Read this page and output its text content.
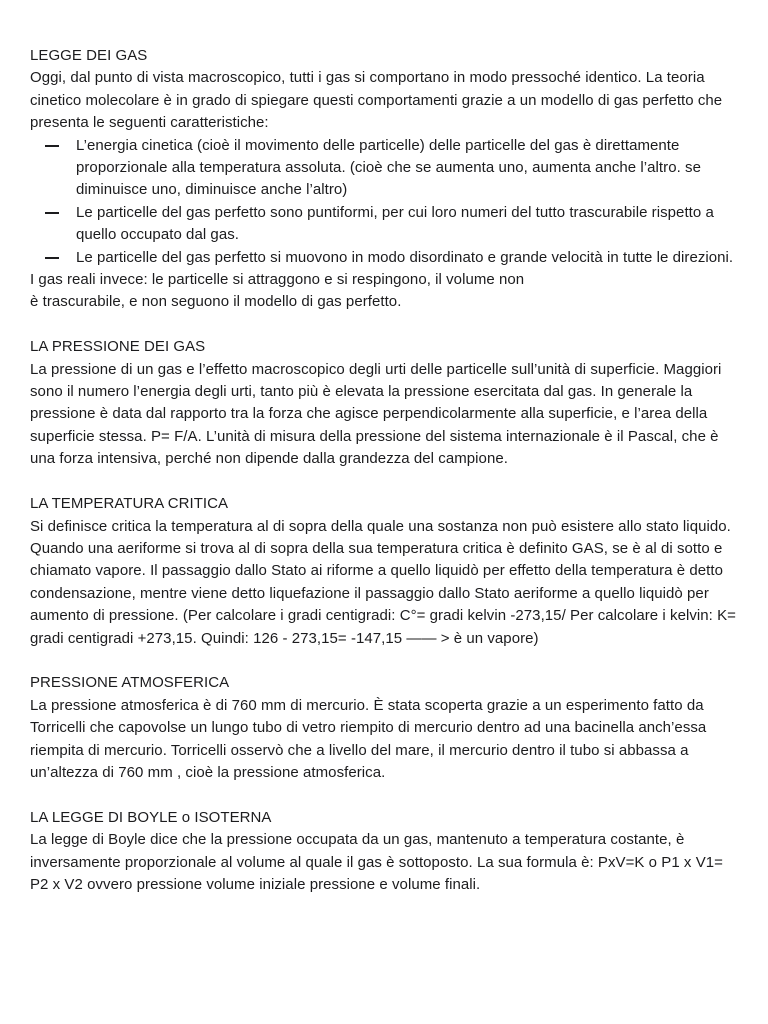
LEGGE DEI GAS

Oggi, dal punto di vista macroscopico, tutti i gas si comportano in modo pressoché identico. La teoria cinetico molecolare è in grado di spiegare questi comportamenti grazie a un modello di gas perfetto che presenta le seguenti caratteristiche:

L’energia cinetica (cioè il movimento delle particelle) delle particelle del gas è direttamente proporzionale alla temperatura assoluta. (cioè che se aumenta uno, aumenta anche l’altro. se diminuisce uno, diminuisce anche l’altro)
Le particelle del gas perfetto sono puntiformi, per cui loro numeri del tutto trascurabile rispetto a quello occupato dal gas.
Le particelle del gas perfetto si muovono in modo disordinato e grande velocità in tutte le direzioni.
I gas reali invece: le particelle si attraggono e si respingono, il volume non
è trascurabile, e non seguono il modello di gas perfetto.
LA PRESSIONE DEI GAS

La pressione di un gas e l’effetto macroscopico degli urti delle particelle sull’unità di superficie. Maggiori sono il numero l’energia degli urti, tanto più è elevata la pressione esercitata dal gas. In generale la pressione è data dal rapporto tra la forza che agisce perpendicolarmente alla superficie, e l’area della superficie stessa. P= F/A. L’unità di misura della pressione del sistema internazionale è il Pascal, che è una forza intensiva, perché non dipende dalla grandezza del campione.

LA TEMPERATURA CRITICA

Si definisce critica la temperatura al di sopra della quale una sostanza non può esistere allo stato liquido. Quando una aeriforme si trova al di sopra della sua temperatura critica è definito GAS, se è al di sotto e chiamato vapore. Il passaggio dallo Stato ai riforme a quello liquidò per effetto della temperatura è detto condensazione, mentre viene detto liquefazione il passaggio dallo Stato aeriforme a quello liquidò per aumento di pressione. (Per calcolare i gradi centigradi: C°= gradi kelvin -273,15/ Per calcolare i kelvin: K= gradi centigradi +273,15. Quindi: 126 - 273,15= -147,15 —— > è un vapore)

PRESSIONE ATMOSFERICA

La pressione atmosferica è di 760 mm di mercurio. È stata scoperta grazie a un esperimento fatto da Torricelli che capovolse un lungo tubo di vetro riempito di mercurio dentro ad una bacinella anch’essa riempita di mercurio. Torricelli osservò che a livello del mare, il mercurio dentro il tubo si abbassa a un’altezza di 760 mm , cioè la pressione atmosferica.

LA LEGGE DI BOYLE o ISOTERNA

La legge di Boyle dice che la pressione occupata da un gas, mantenuto a temperatura costante, è inversamente proporzionale al volume al quale il gas è sottoposto. La sua formula è: PxV=K o P1 x V1= P2 x V2 ovvero pressione volume iniziale pressione e volume finali.
